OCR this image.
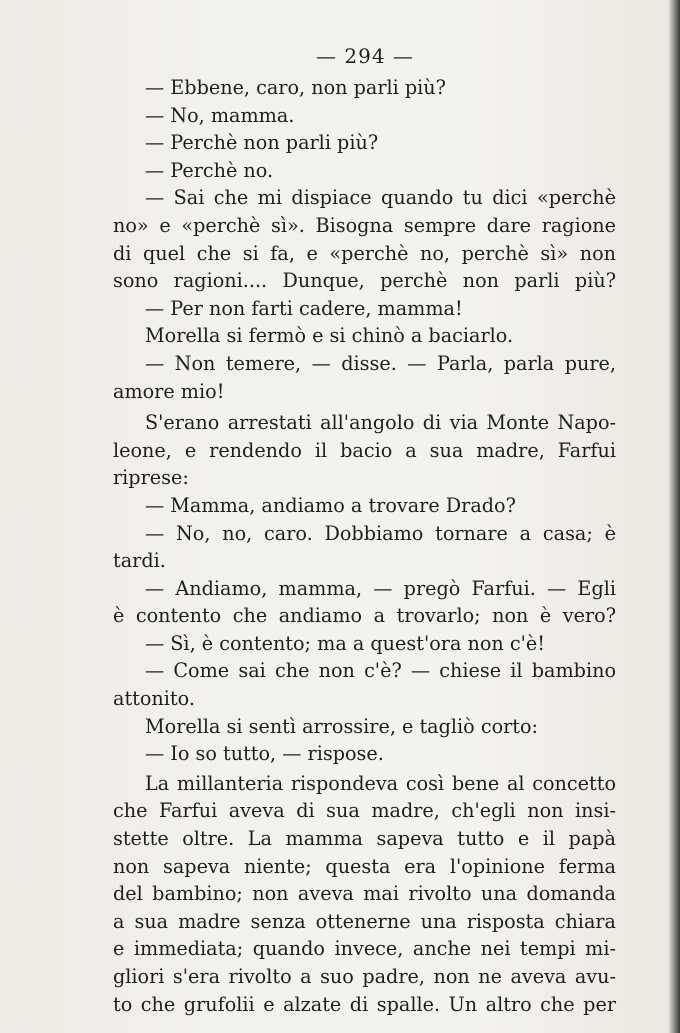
— 294 —
— Ebbene, caro, non parli più?
— No, mamma.
— Perchè non parli più?
— Perchè no.
— Sai che mi dispiace quando tu dici «perchè
no» e «perchè sì». Bisogna sempre dare ragione
di quel che si fa, e «perchè no, perchè sì» non
sono ragioni.... Dunque, perchè non parli più?
— Per non farti cadere, mamma!
Morella si fermò e si chinò a baciarlo.
— Non temere, — disse. — Parla, parla pure,
amore mio!
S'erano arrestati all'angolo di via Monte Napo-
leone, e rendendo il bacio a sua madre, Farfui
riprese:
— Mamma, andiamo a trovare Drado?
— No, no, caro. Dobbiamo tornare a casa; è
tardi.
— Andiamo, mamma, — pregò Farfui. — Egli
è contento che andiamo a trovarlo; non è vero?
— Sì, è contento; ma a quest'ora non c'è!
— Come sai che non c'è? — chiese il bambino
attonito.
Morella si sentì arrossire, e tagliò corto:
— Io so tutto, — rispose.
La millanteria rispondeva così bene al concetto
che Farfui aveva di sua madre, ch'egli non insi-
stette oltre. La mamma sapeva tutto e il papà
non sapeva niente; questa era l'opinione ferma
del bambino; non aveva mai rivolto una domanda
a sua madre senza ottenerne una risposta chiara
e immediata; quando invece, anche nei tempi mi-
gliori s'era rivolto a suo padre, non ne aveva avu-
to che grufolii e alzate di spalle. Un altro che per
